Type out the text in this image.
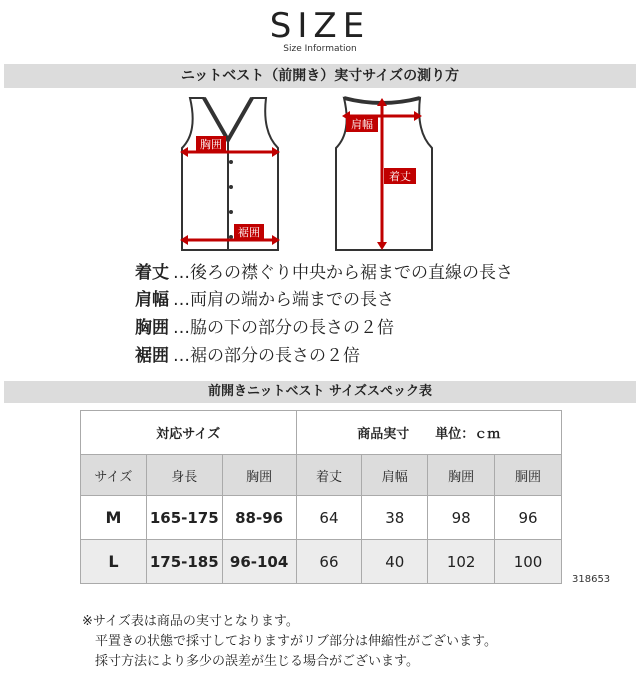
SIZE
Size Information
ニットベスト（前開き）実寸サイズの測り方
胸囲
裾囲
肩幅
着丈
着丈 …後ろの襟ぐり中央から裾までの直線の長さ
肩幅 …両肩の端から端までの長さ
胸囲 …脇の下の部分の長さの２倍
裾囲 …裾の部分の長さの２倍
前開きニットベスト サイズスペック表
対応サイズ			商品実寸　　単位：ｃｍ			
サイズ	身長	胸囲	着丈	肩幅	胸囲	胴囲
M	165-175	88-96	64	38	98	96
L	175-185	96-104	66	40	102	100
318653
※サイズ表は商品の実寸となります。
　平置きの状態で採寸しておりますがリブ部分は伸縮性がございます。
　採寸方法により多少の誤差が生じる場合がございます。
